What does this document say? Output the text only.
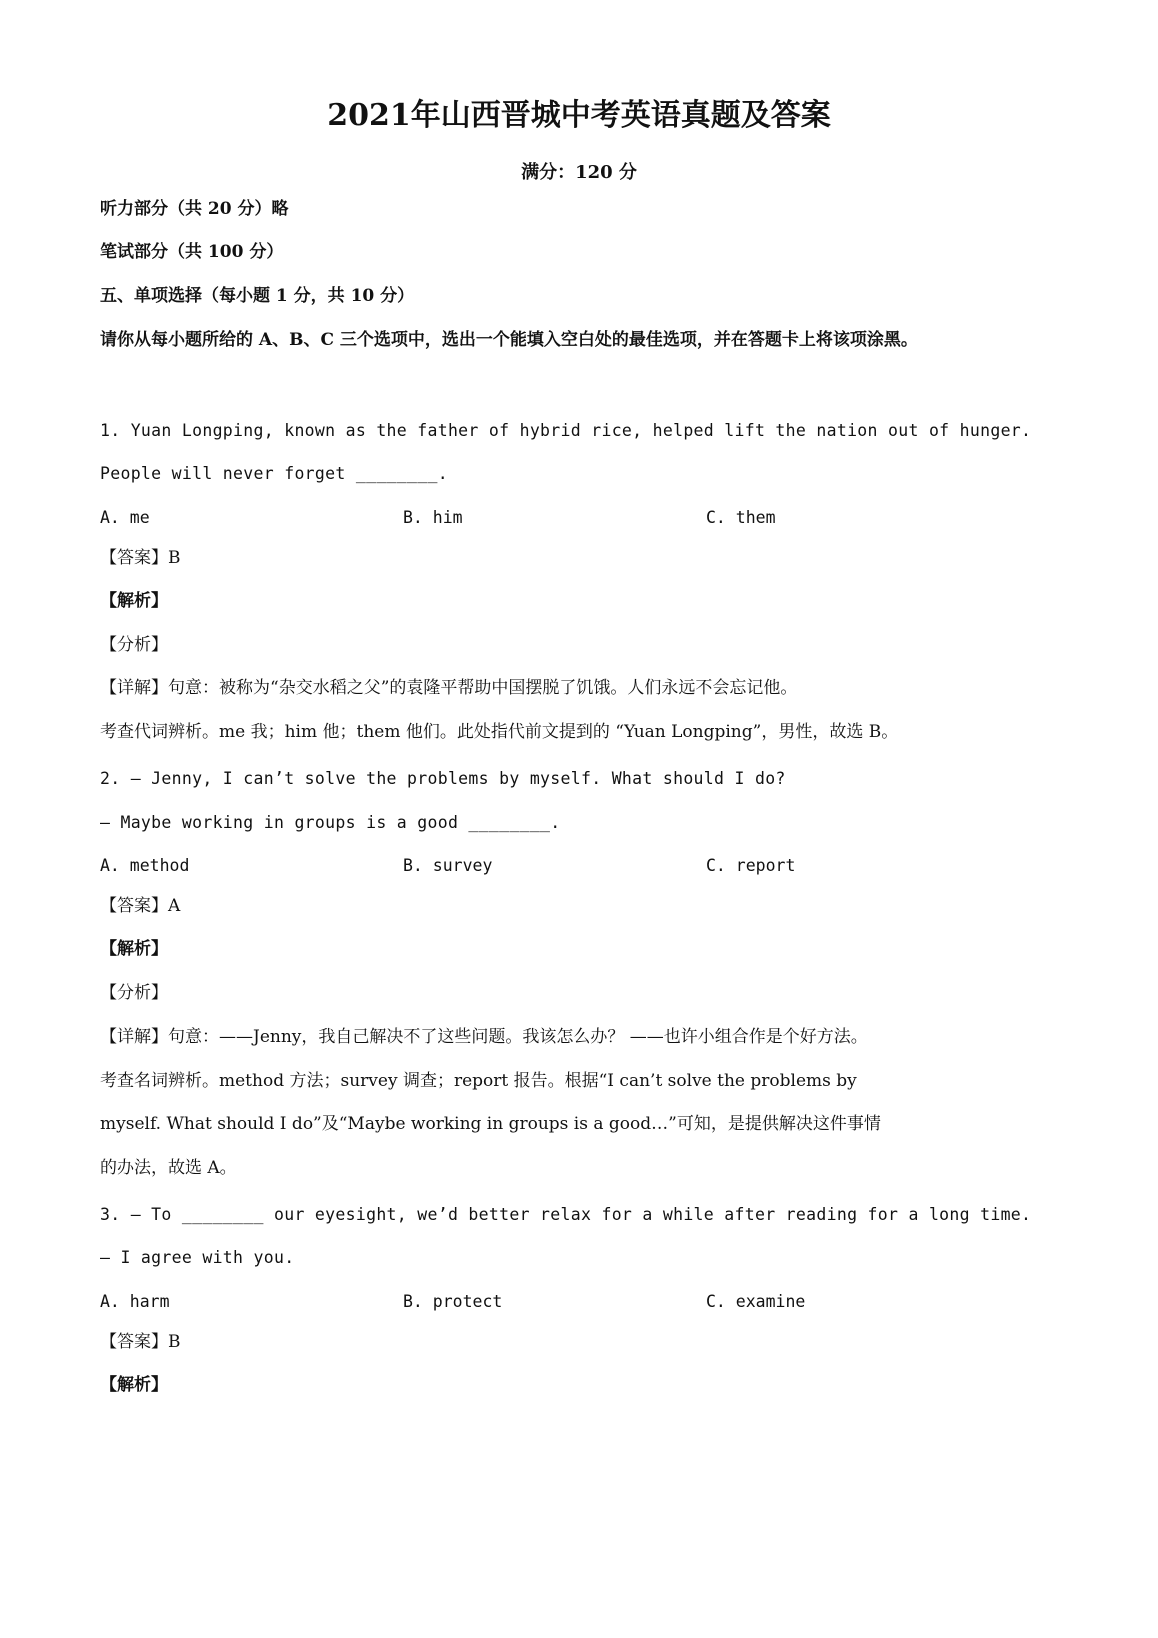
2021年山西晋城中考英语真题及答案
满分：120 分
听力部分（共 20 分）略
笔试部分（共 100 分）
五、单项选择（每小题 1 分，共 10 分）
请你从每小题所给的 A、B、C 三个选项中，选出一个能填入空白处的最佳选项，并在答题卡上将该项涂黑。
1. Yuan Longping, known as the father of hybrid rice, helped lift the nation out of hunger.
People will never forget ________.
A. me	B. him	C. them
【答案】B
【解析】
【分析】
【详解】句意：被称为“杂交水稻之父”的袁隆平帮助中国摆脱了饥饿。人们永远不会忘记他。
考查代词辨析。me 我；him 他；them 他们。此处指代前文提到的 “Yuan Longping”，男性，故选 B。
2. — Jenny, I can’t solve the problems by myself. What should I do?
— Maybe working in groups is a good ________.
A. method	B. survey	C. report
【答案】A
【解析】
【分析】
【详解】句意：——Jenny，我自己解决不了这些问题。我该怎么办？ ——也许小组合作是个好方法。
考查名词辨析。method 方法；survey 调查；report 报告。根据“I can’t solve the problems by
myself. What should I do”及“Maybe working in groups is a good…”可知，是提供解决这件事情
的办法，故选 A。
3. — To ________ our eyesight, we’d better relax for a while after reading for a long time.
— I agree with you.
A. harm	B. protect	C. examine
【答案】B
【解析】
